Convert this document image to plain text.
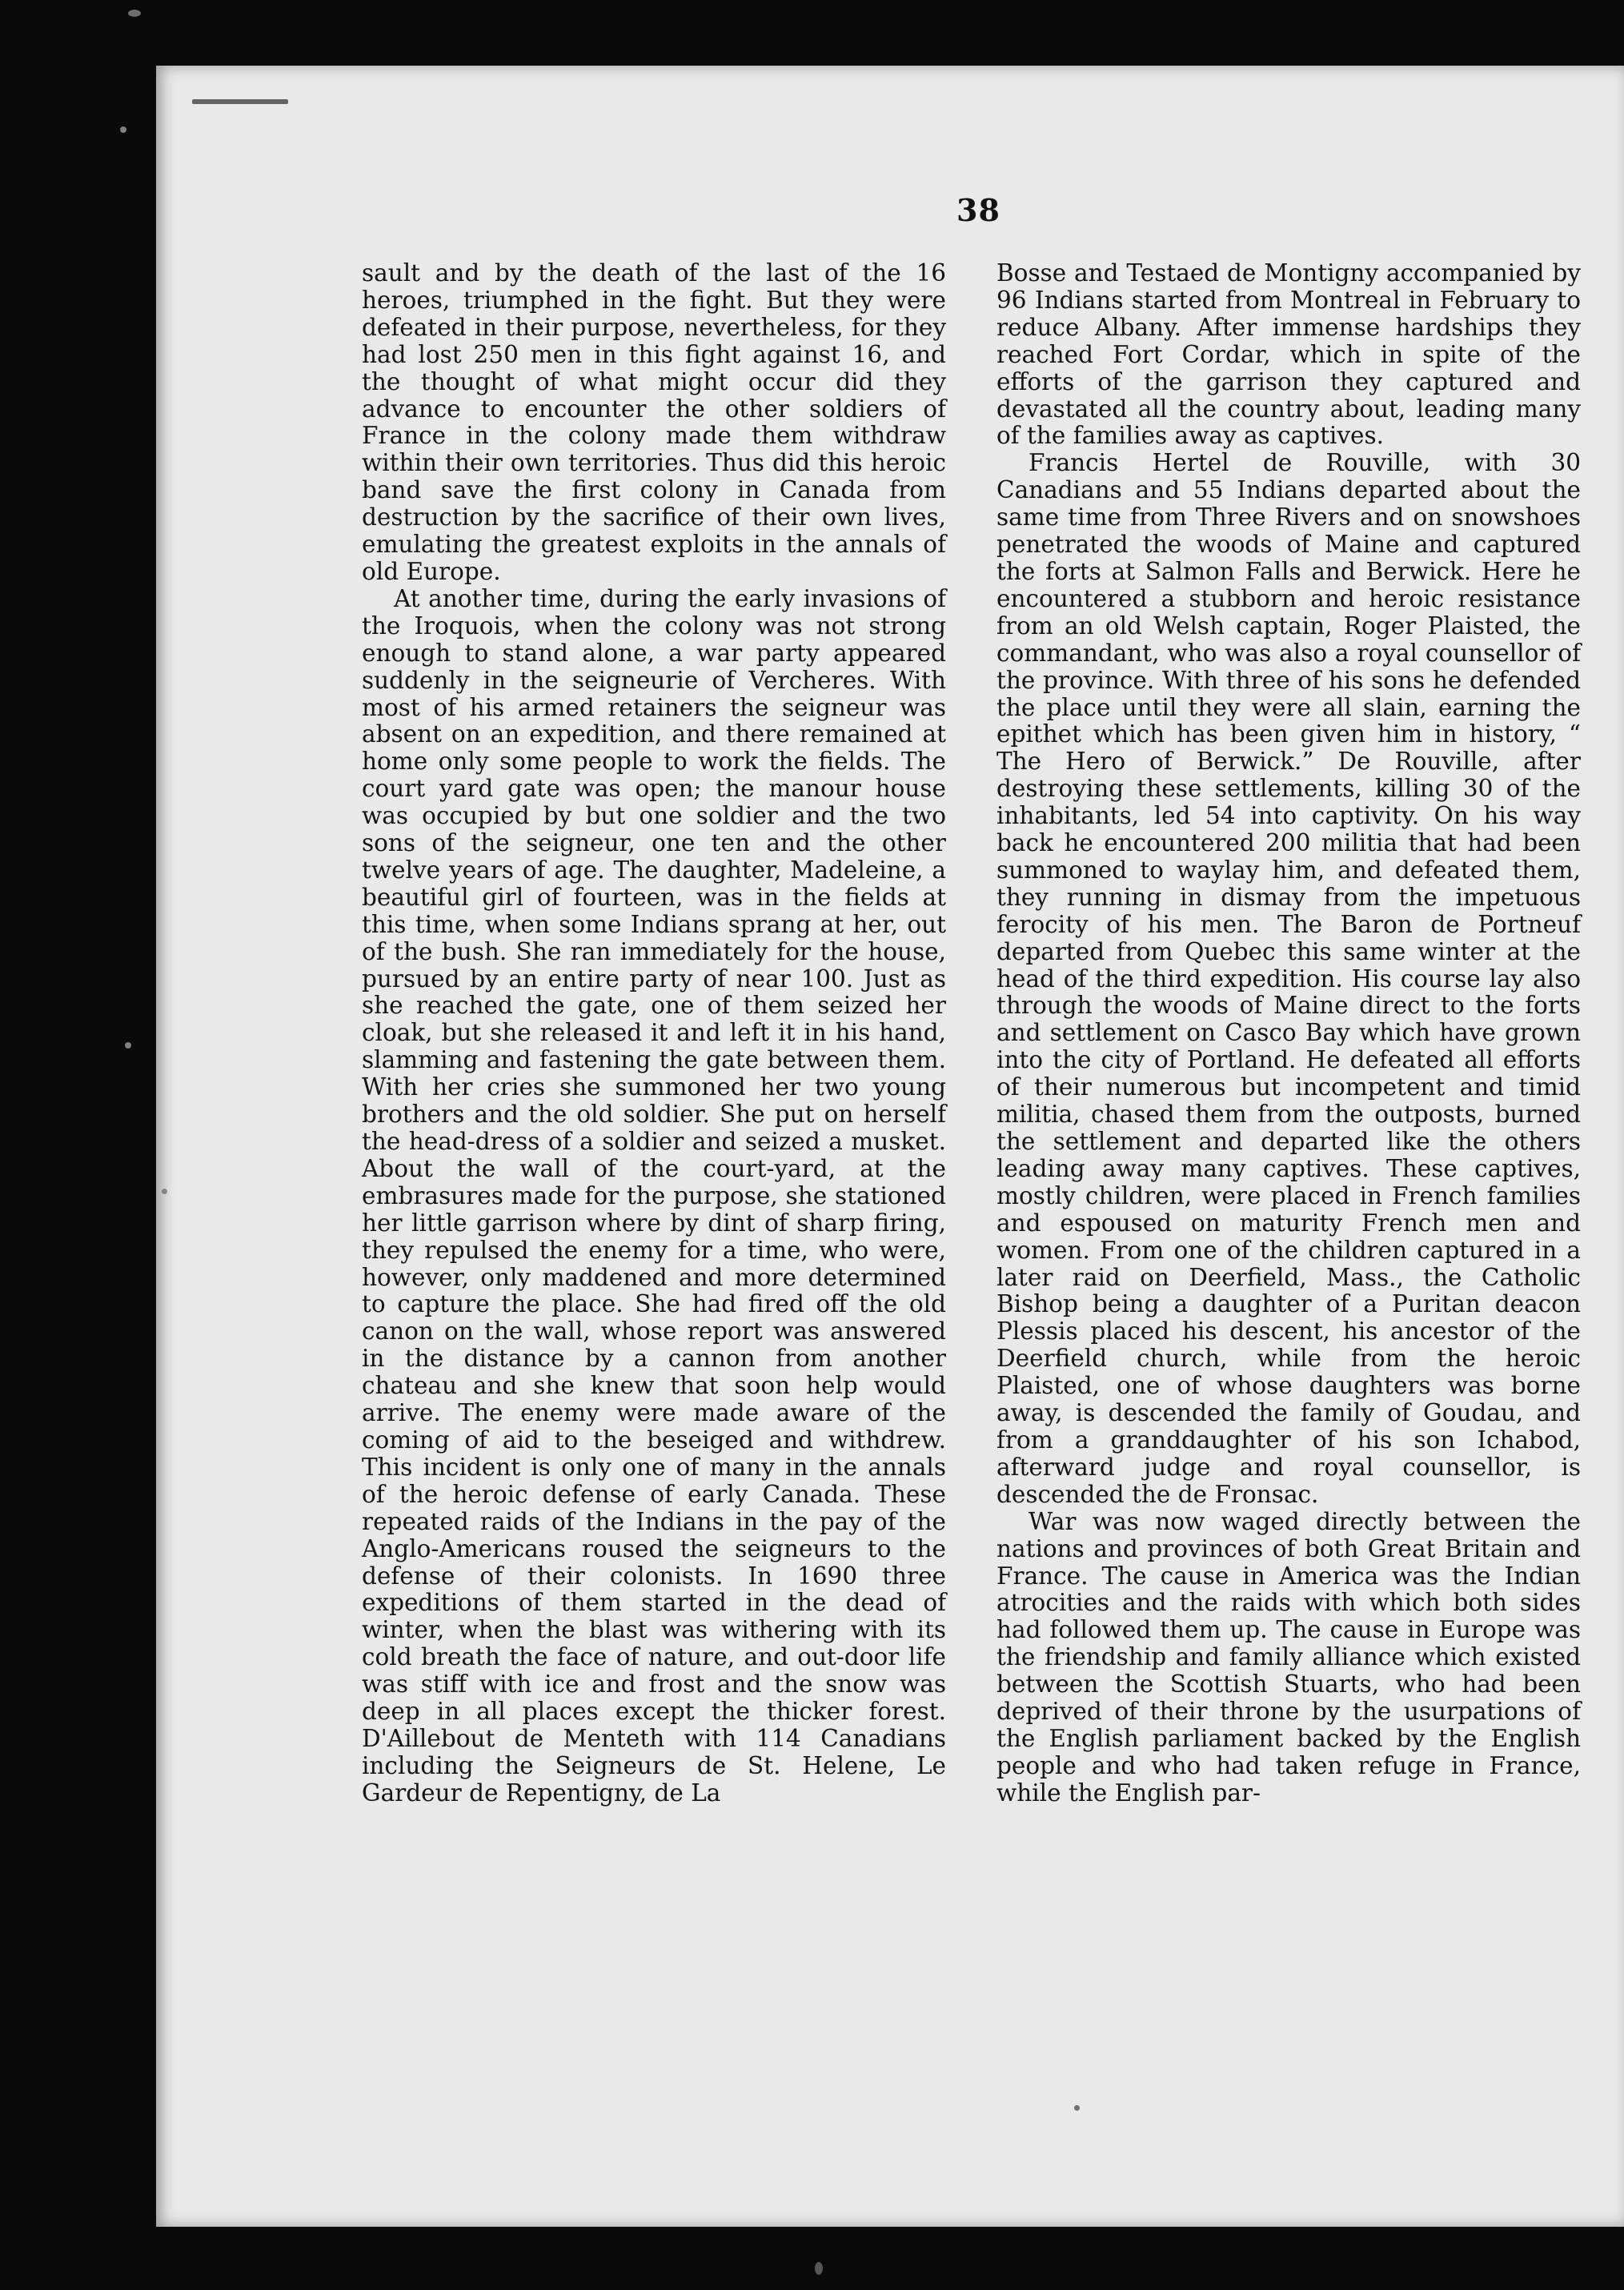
38

sault and by the death of the last of the 16 heroes, triumphed in the fight. But they were defeated in their purpose, nevertheless, for they had lost 250 men in this fight against 16, and the thought of what might occur did they advance to encounter the other soldiers of France in the colony made them withdraw within their own territories. Thus did this heroic band save the first colony in Canada from destruction by the sacrifice of their own lives, emulating the greatest exploits in the annals of old Europe.

At another time, during the early invasions of the Iroquois, when the colony was not strong enough to stand alone, a war party appeared suddenly in the seigneurie of Vercheres. With most of his armed retainers the seigneur was absent on an expedition, and there remained at home only some people to work the fields. The court yard gate was open; the manour house was occupied by but one soldier and the two sons of the seigneur, one ten and the other twelve years of age. The daughter, Madeleine, a beautiful girl of fourteen, was in the fields at this time, when some Indians sprang at her, out of the bush. She ran immediately for the house, pursued by an entire party of near 100. Just as she reached the gate, one of them seized her cloak, but she released it and left it in his hand, slamming and fastening the gate between them. With her cries she summoned her two young brothers and the old soldier. She put on herself the head-dress of a soldier and seized a musket. About the wall of the court-yard, at the embrasures made for the purpose, she stationed her little garrison where by dint of sharp firing, they repulsed the enemy for a time, who were, however, only maddened and more determined to capture the place. She had fired off the old canon on the wall, whose report was answered in the distance by a cannon from another chateau and she knew that soon help would arrive. The enemy were made aware of the coming of aid to the beseiged and withdrew. This incident is only one of many in the annals of the heroic defense of early Canada. These repeated raids of the Indians in the pay of the Anglo-Americans roused the seigneurs to the defense of their colonists. In 1690 three expeditions of them started in the dead of winter, when the blast was withering with its cold breath the face of nature, and out-door life was stiff with ice and frost and the snow was deep in all places except the thicker forest. D'Aillebout de Menteth with 114 Canadians including the Seigneurs de St. Helene, Le Gardeur de Repentigny, de La

Bosse and Testaed de Montigny accompanied by 96 Indians started from Montreal in February to reduce Albany. After immense hardships they reached Fort Cordar, which in spite of the efforts of the garrison they captured and devastated all the country about, leading many of the families away as captives.

Francis Hertel de Rouville, with 30 Canadians and 55 Indians departed about the same time from Three Rivers and on snowshoes penetrated the woods of Maine and captured the forts at Salmon Falls and Berwick. Here he encountered a stubborn and heroic resistance from an old Welsh captain, Roger Plaisted, the commandant, who was also a royal counsellor of the province. With three of his sons he defended the place until they were all slain, earning the epithet which has been given him in history, “ The Hero of Berwick.” De Rouville, after destroying these settlements, killing 30 of the inhabitants, led 54 into captivity. On his way back he encountered 200 militia that had been summoned to waylay him, and defeated them, they running in dismay from the impetuous ferocity of his men. The Baron de Portneuf departed from Quebec this same winter at the head of the third expedition. His course lay also through the woods of Maine direct to the forts and settlement on Casco Bay which have grown into the city of Portland. He defeated all efforts of their numerous but incompetent and timid militia, chased them from the outposts, burned the settlement and departed like the others leading away many captives. These captives, mostly children, were placed in French families and espoused on maturity French men and women. From one of the children captured in a later raid on Deerfield, Mass., the Catholic Bishop being a daughter of a Puritan deacon Plessis placed his descent, his ancestor of the Deerfield church, while from the heroic Plaisted, one of whose daughters was borne away, is descended the family of Goudau, and from a granddaughter of his son Ichabod, afterward judge and royal counsellor, is descended the de Fronsac.

War was now waged directly between the nations and provinces of both Great Britain and France. The cause in America was the Indian atrocities and the raids with which both sides had followed them up. The cause in Europe was the friendship and family alliance which existed between the Scottish Stuarts, who had been deprived of their throne by the usurpations of the English parliament backed by the English people and who had taken refuge in France, while the English par-
